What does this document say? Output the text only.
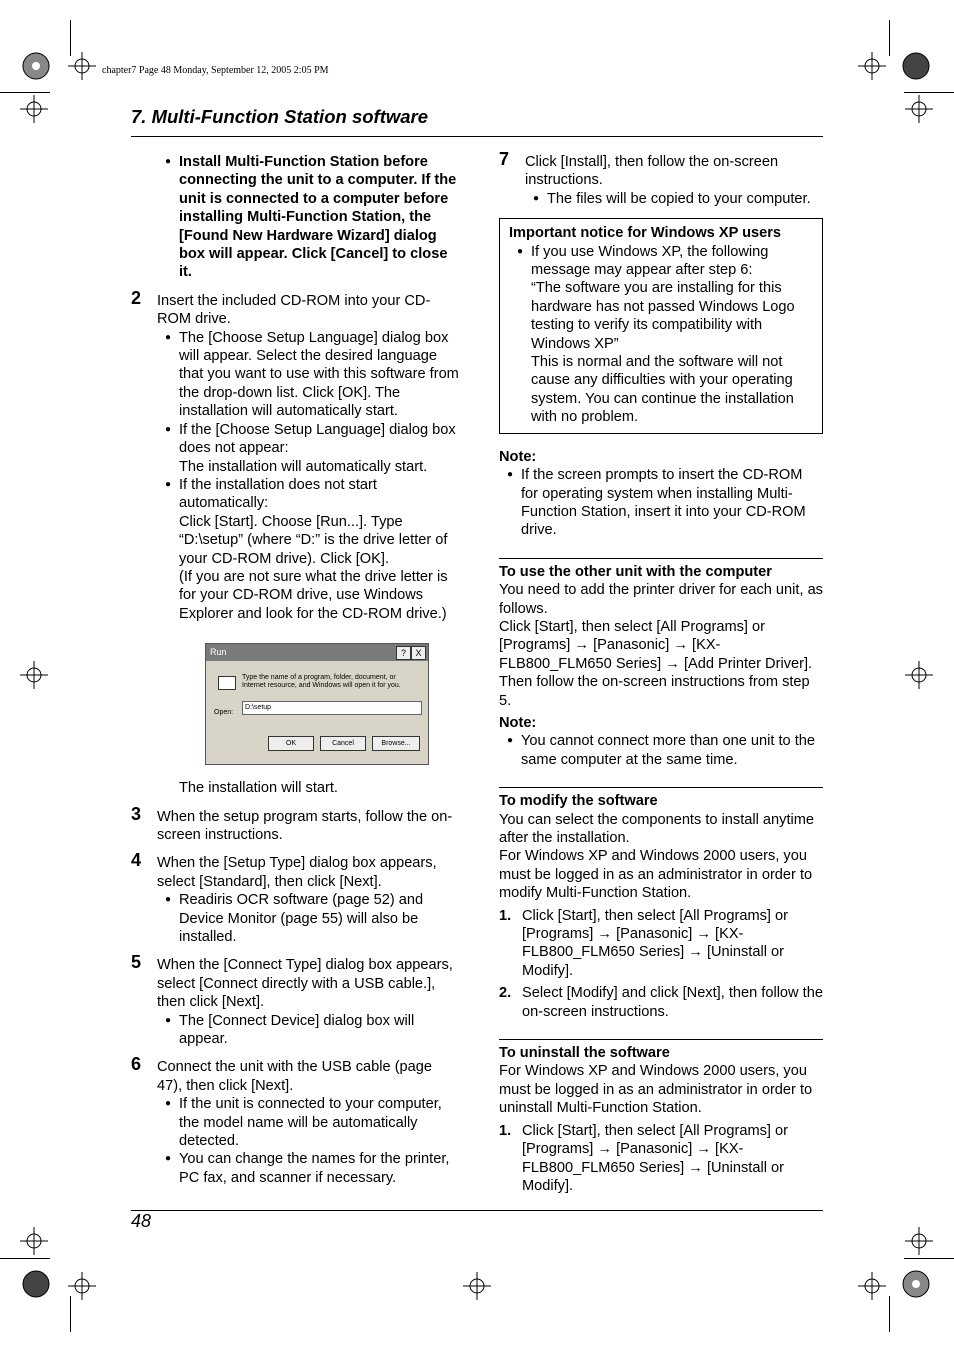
chapter7 Page 48 Monday, September 12, 2005 2:05 PM
7. Multi-Function Station software
● Install Multi-Function Station before connecting the unit to a computer. If the unit is connected to a computer before installing Multi-Function Station, the [Found New Hardware Wizard] dialog box will appear. Click [Cancel] to close it.
2 Insert the included CD-ROM into your CD-ROM drive.

● The [Choose Setup Language] dialog box will appear. Select the desired language that you want to use with this software from the drop-down list. Click [OK]. The installation will automatically start.
● If the [Choose Setup Language] dialog box does not appear:

The installation will automatically start.

● If the installation does not start automatically:

Click [Start]. Choose [Run...]. Type “D:\setup” (where “D:” is the drive letter of your CD-ROM drive). Click [OK].

(If you are not sure what the drive letter is for your CD-ROM drive, use Windows Explorer and look for the CD-ROM drive.)

Run	?	X
Type the name of a program, folder, document, or Internet resource, and Windows will open it for you.
Open:
D:\setup
OK	Cancel	Browse...

The installation will start.

3 When the setup program starts, follow the on-screen instructions.

4 When the [Setup Type] dialog box appears, select [Standard], then click [Next].

● Readiris OCR software (page 52) and Device Monitor (page 55) will also be installed.
5 When the [Connect Type] dialog box appears, select [Connect directly with a USB cable.], then click [Next].

● The [Connect Device] dialog box will appear.
6 Connect the unit with the USB cable (page 47), then click [Next].

● If the unit is connected to your computer, the model name will be automatically detected.
● You can change the names for the printer, PC fax, and scanner if necessary.
7 Click [Install], then follow the on-screen instructions.

● The files will be copied to your computer.
Important notice for Windows XP users
● If you use Windows XP, the following message may appear after step 6:

“The software you are installing for this hardware has not passed Windows Logo testing to verify its compatibility with Windows XP”

This is normal and the software will not cause any difficulties with your operating system. You can continue the installation with no problem.

Note:
● If the screen prompts to insert the CD-ROM for operating system when installing Multi-Function Station, insert it into your CD-ROM drive.
To use the other unit with the computer

You need to add the printer driver for each unit, as follows.

Click [Start], then select [All Programs] or [Programs] → [Panasonic] → [KX-FLB800_FLM650 Series] → [Add Printer Driver]. Then follow the on-screen instructions from step 5.

Note:
● You cannot connect more than one unit to the same computer at the same time.
To modify the software

You can select the components to install anytime after the installation.

For Windows XP and Windows 2000 users, you must be logged in as an administrator in order to modify Multi-Function Station.

1. Click [Start], then select [All Programs] or [Programs] → [Panasonic] → [KX-FLB800_FLM650 Series] → [Uninstall or Modify].

2. Select [Modify] and click [Next], then follow the on-screen instructions.

To uninstall the software

For Windows XP and Windows 2000 users, you must be logged in as an administrator in order to uninstall Multi-Function Station.

1. Click [Start], then select [All Programs] or [Programs] → [Panasonic] → [KX-FLB800_FLM650 Series] → [Uninstall or Modify].

48
